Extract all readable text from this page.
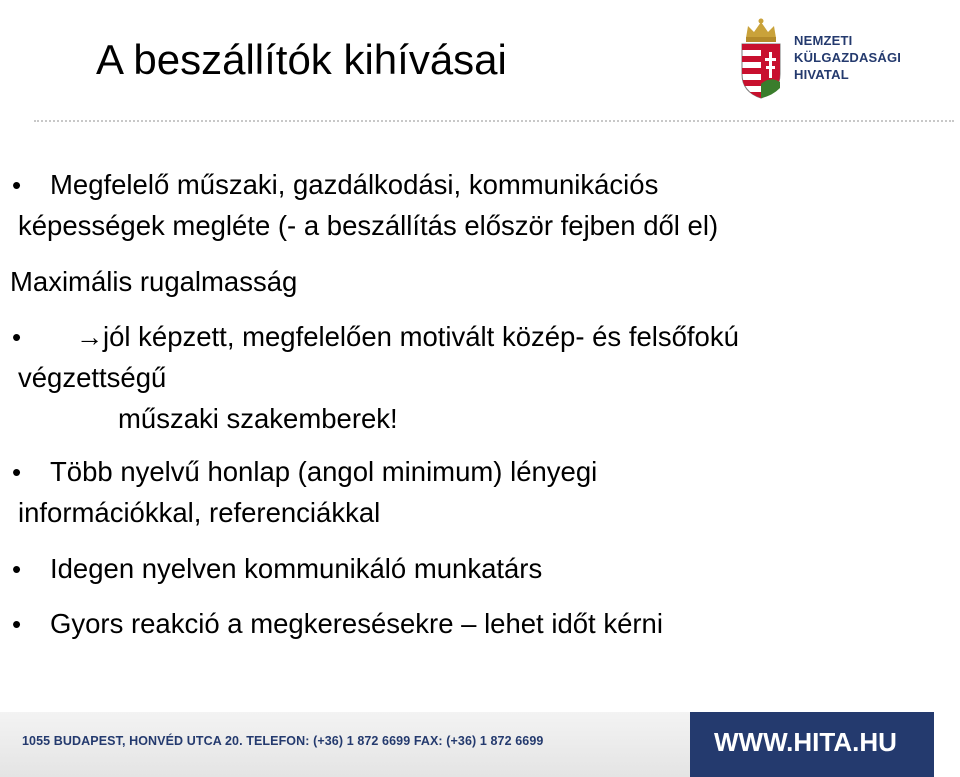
A beszállítók kihívásai	NEMZETI
KÜLGAZDASÁGI
HIVATAL
• Megfelelő műszaki, gazdálkodási, kommunikációs
képességek megléte (- a beszállítás először fejben dől el)
Maximális rugalmasság
• → jól képzett, megfelelően motivált közép- és felsőfokú
végzettségű
műszaki szakemberek!
• Több nyelvű honlap (angol minimum) lényegi
információkkal, referenciákkal
• Idegen nyelven kommunikáló munkatárs
• Gyors reakció a megkeresésekre – lehet időt kérni
1055 BUDAPEST, HONVÉD UTCA 20. TELEFON: (+36) 1 872 6699 FAX: (+36) 1 872 6699	WWW.HITA.HU
